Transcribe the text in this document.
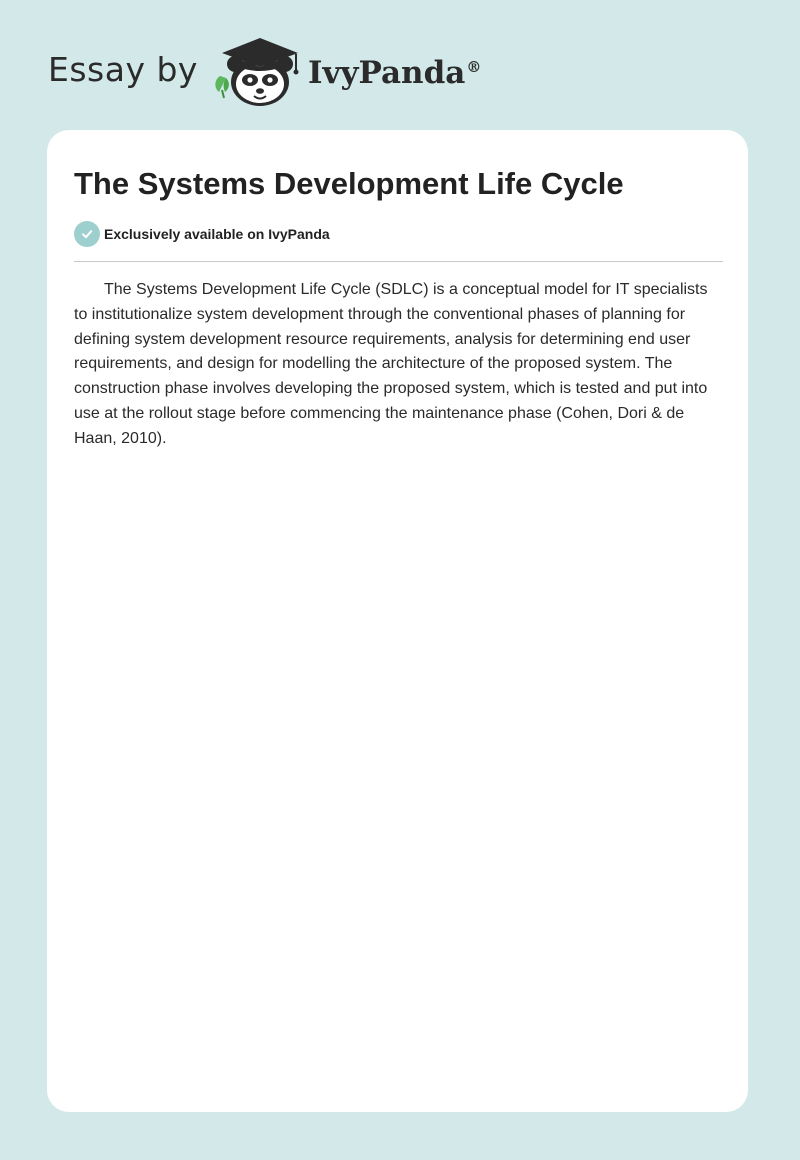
Essay by	IvyPanda®
The Systems Development Life Cycle
Exclusively available on IvyPanda

The Systems Development Life Cycle (SDLC) is a conceptual model for IT specialists to institutionalize system development through the conventional phases of planning for defining system development resource requirements, analysis for determining end user requirements, and design for modelling the architecture of the proposed system. The construction phase involves developing the proposed system, which is tested and put into use at the rollout stage before commencing the maintenance phase (Cohen, Dori & de Haan, 2010).
